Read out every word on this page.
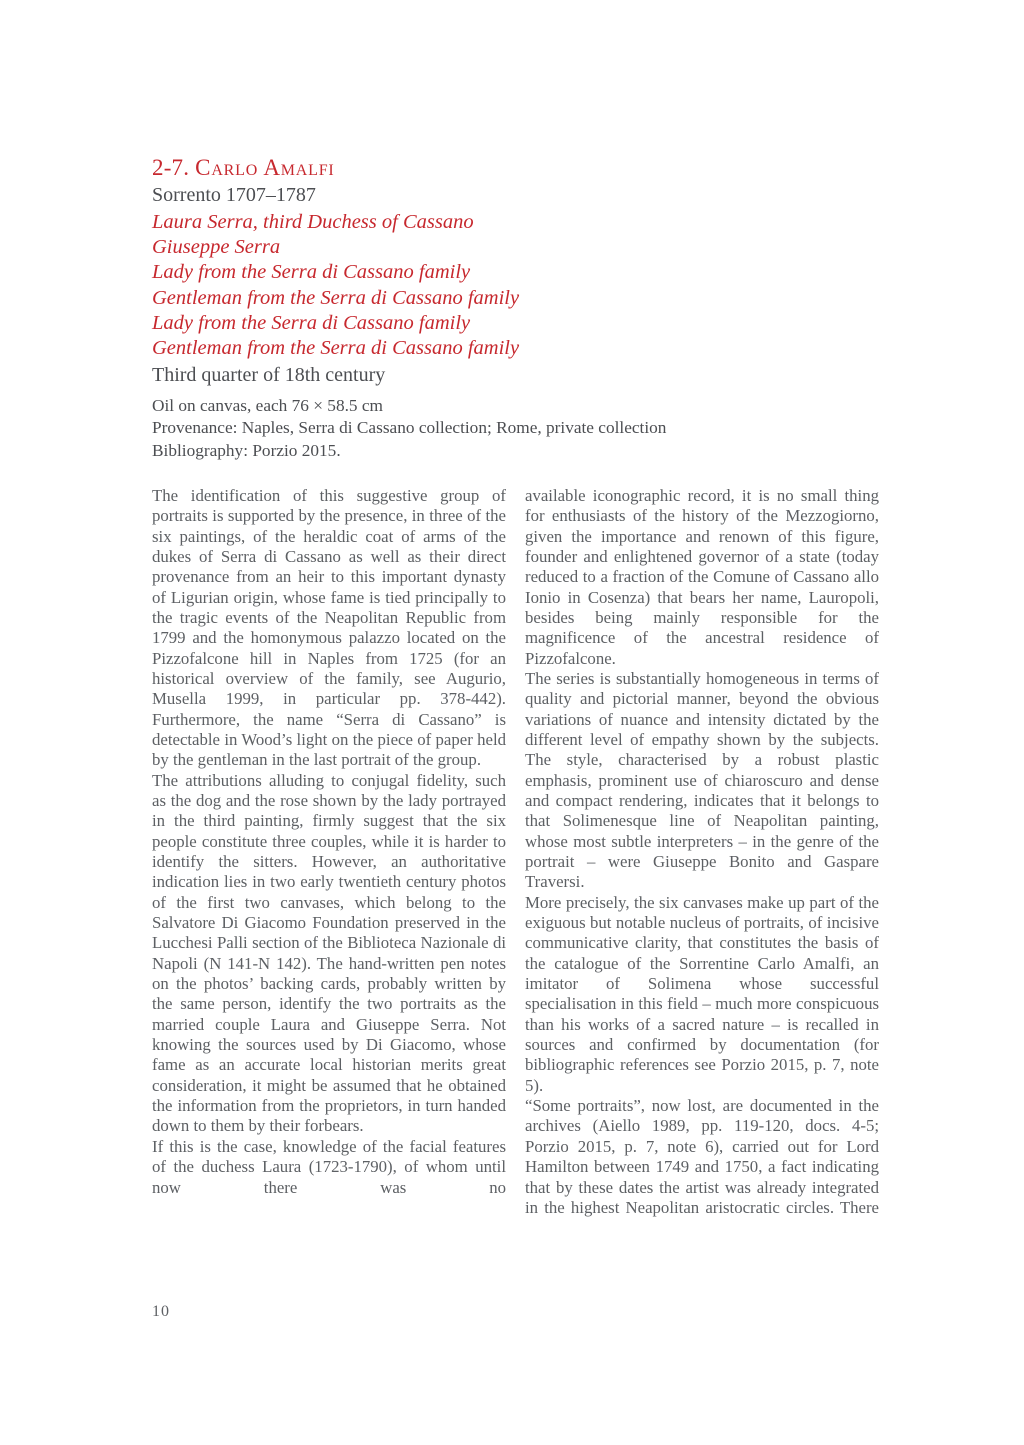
2-7. Carlo Amalfi
Sorrento 1707–1787
Laura Serra, third Duchess of Cassano
Giuseppe Serra
Lady from the Serra di Cassano family
Gentleman from the Serra di Cassano family
Lady from the Serra di Cassano family
Gentleman from the Serra di Cassano family
Third quarter of 18th century
Oil on canvas, each 76 × 58.5 cm
Provenance: Naples, Serra di Cassano collection; Rome, private collection
Bibliography: Porzio 2015.
The identification of this suggestive group of portraits is supported by the presence, in three of the six paintings, of the heraldic coat of arms of the dukes of Serra di Cassano as well as their direct provenance from an heir to this important dynasty of Ligurian origin, whose fame is tied principally to the tragic events of the Neapolitan Republic from 1799 and the homonymous palazzo located on the Pizzofalcone hill in Naples from 1725 (for an historical overview of the family, see Augurio, Musella 1999, in particular pp. 378-442). Furthermore, the name “Serra di Cassano” is detectable in Wood’s light on the piece of paper held by the gentleman in the last portrait of the group.
The attributions alluding to conjugal fidelity, such as the dog and the rose shown by the lady portrayed in the third painting, firmly suggest that the six people constitute three couples, while it is harder to identify the sitters. However, an authoritative indication lies in two early twentieth century photos of the first two canvases, which belong to the Salvatore Di Giacomo Foundation preserved in the Lucchesi Palli section of the Biblioteca Nazionale di Napoli (N 141-N 142). The hand-written pen notes on the photos’ backing cards, probably written by the same person, identify the two portraits as the married couple Laura and Giuseppe Serra. Not knowing the sources used by Di Giacomo, whose fame as an accurate local historian merits great consideration, it might be assumed that he obtained the information from the proprietors, in turn handed down to them by their forbears.
If this is the case, knowledge of the facial features of the duchess Laura (1723-1790), of whom until now there was no
available iconographic record, it is no small thing for enthusiasts of the history of the Mezzogiorno, given the importance and renown of this figure, founder and enlightened governor of a state (today reduced to a fraction of the Comune of Cassano allo Ionio in Cosenza) that bears her name, Lauropoli, besides being mainly responsible for the magnificence of the ancestral residence of Pizzofalcone.
The series is substantially homogeneous in terms of quality and pictorial manner, beyond the obvious variations of nuance and intensity dictated by the different level of empathy shown by the subjects. The style, characterised by a robust plastic emphasis, prominent use of chiaroscuro and dense and compact rendering, indicates that it belongs to that Solimenesque line of Neapolitan painting, whose most subtle interpreters – in the genre of the portrait – were Giuseppe Bonito and Gaspare Traversi.
More precisely, the six canvases make up part of the exiguous but notable nucleus of portraits, of incisive communicative clarity, that constitutes the basis of the catalogue of the Sorrentine Carlo Amalfi, an imitator of Solimena whose successful specialisation in this field – much more conspicuous than his works of a sacred nature – is recalled in sources and confirmed by documentation (for bibliographic references see Porzio 2015, p. 7, note 5).
“Some portraits”, now lost, are documented in the archives (Aiello 1989, pp. 119-120, docs. 4-5; Porzio 2015, p. 7, note 6), carried out for Lord Hamilton between 1749 and 1750, a fact indicating that by these dates the artist was already integrated in the highest Neapolitan aristocratic circles. There
10
